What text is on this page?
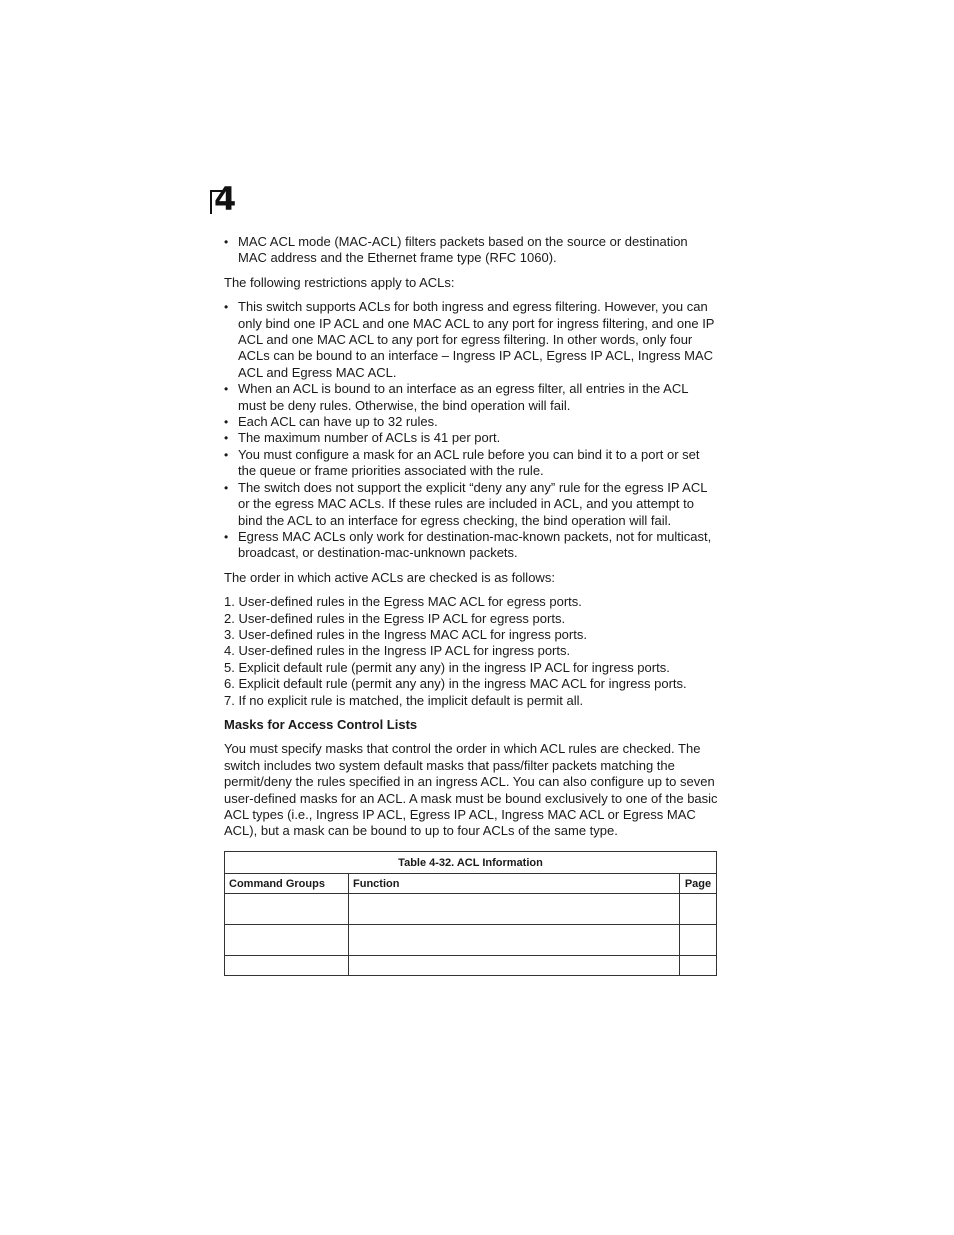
4
• MAC ACL mode (MAC-ACL) filters packets based on the source or destination MAC address and the Ethernet frame type (RFC 1060).

The following restrictions apply to ACLs:

• This switch supports ACLs for both ingress and egress filtering. However, you can only bind one IP ACL and one MAC ACL to any port for ingress filtering, and one IP ACL and one MAC ACL to any port for egress filtering. In other words, only four ACLs can be bound to an interface – Ingress IP ACL, Egress IP ACL, Ingress MAC ACL and Egress MAC ACL.
• When an ACL is bound to an interface as an egress filter, all entries in the ACL must be deny rules. Otherwise, the bind operation will fail.
• Each ACL can have up to 32 rules.
• The maximum number of ACLs is 41 per port.
• You must configure a mask for an ACL rule before you can bind it to a port or set the queue or frame priorities associated with the rule.
• The switch does not support the explicit “deny any any” rule for the egress IP ACL or the egress MAC ACLs. If these rules are included in ACL, and you attempt to bind the ACL to an interface for egress checking, the bind operation will fail.
• Egress MAC ACLs only work for destination-mac-known packets, not for multicast, broadcast, or destination-mac-unknown packets.

The order in which active ACLs are checked is as follows:

1. User-defined rules in the Egress MAC ACL for egress ports.
2. User-defined rules in the Egress IP ACL for egress ports.
3. User-defined rules in the Ingress MAC ACL for ingress ports.
4. User-defined rules in the Ingress IP ACL for ingress ports.
5. Explicit default rule (permit any any) in the ingress IP ACL for ingress ports.
6. Explicit default rule (permit any any) in the ingress MAC ACL for ingress ports.
7. If no explicit rule is matched, the implicit default is permit all.

Masks for Access Control Lists

You must specify masks that control the order in which ACL rules are checked. The switch includes two system default masks that pass/filter packets matching the permit/deny the rules specified in an ingress ACL. You can also configure up to seven user-defined masks for an ACL. A mask must be bound exclusively to one of the basic ACL types (i.e., Ingress IP ACL, Egress IP ACL, Ingress MAC ACL or Egress MAC ACL), but a mask can be bound to up to four ACLs of the same type.

Table 4-32. ACL Information		
Command Groups	Function	Page
